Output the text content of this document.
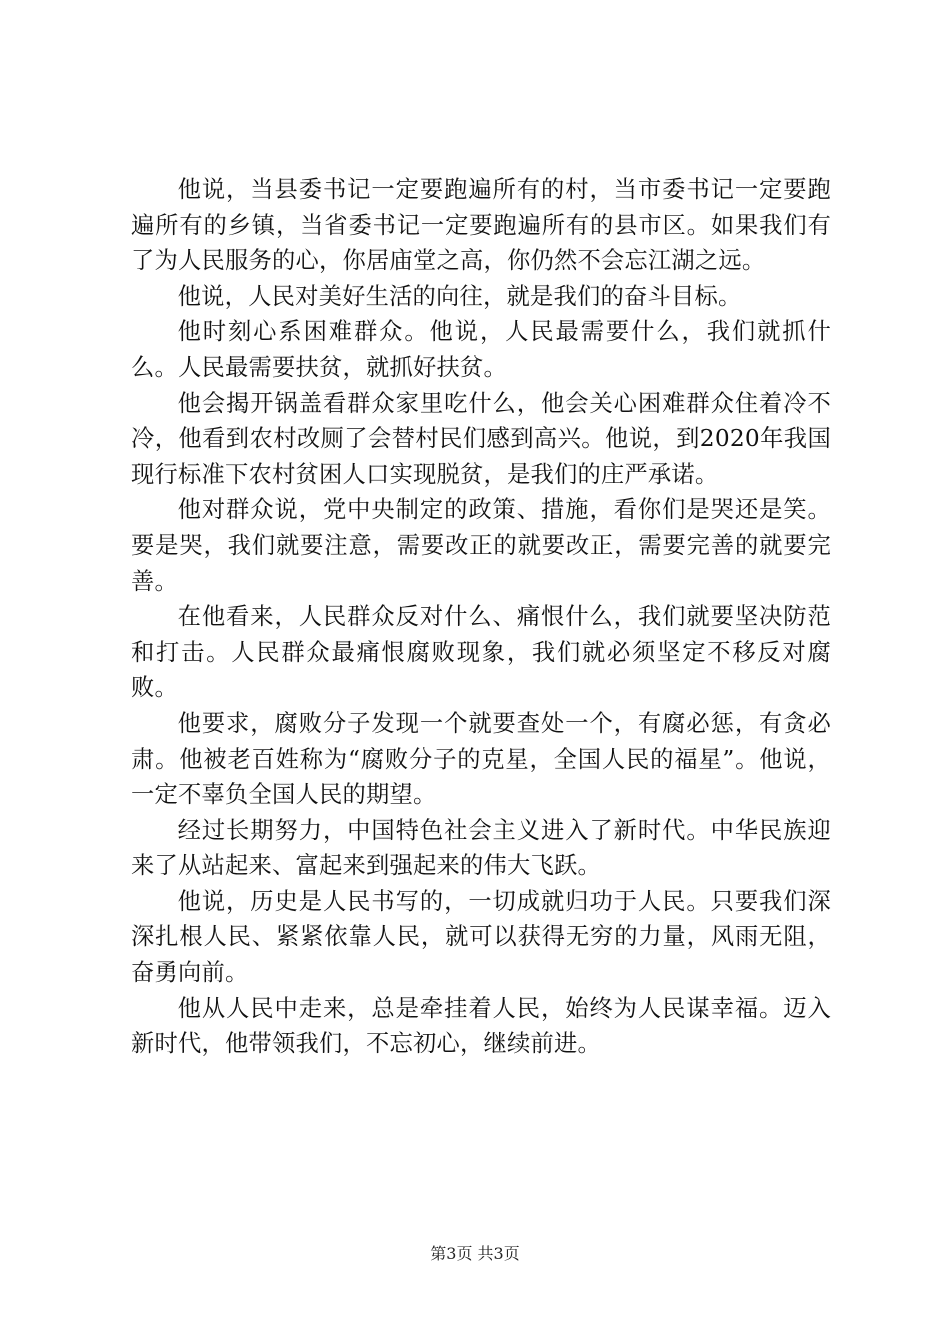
他说，当县委书记一定要跑遍所有的村，当市委书记一定要跑遍所有的乡镇，当省委书记一定要跑遍所有的县市区。如果我们有了为人民服务的心，你居庙堂之高，你仍然不会忘江湖之远。

他说，人民对美好生活的向往，就是我们的奋斗目标。

他时刻心系困难群众。他说，人民最需要什么，我们就抓什么。人民最需要扶贫，就抓好扶贫。

他会揭开锅盖看群众家里吃什么，他会关心困难群众住着冷不冷，他看到农村改厕了会替村民们感到高兴。他说，到2020年我国现行标准下农村贫困人口实现脱贫，是我们的庄严承诺。

他对群众说，党中央制定的政策、措施，看你们是哭还是笑。要是哭，我们就要注意，需要改正的就要改正，需要完善的就要完善。

在他看来，人民群众反对什么、痛恨什么，我们就要坚决防范和打击。人民群众最痛恨腐败现象，我们就必须坚定不移反对腐败。

他要求，腐败分子发现一个就要查处一个，有腐必惩，有贪必肃。他被老百姓称为“腐败分子的克星，全国人民的福星”。他说，一定不辜负全国人民的期望。

经过长期努力，中国特色社会主义进入了新时代。中华民族迎来了从站起来、富起来到强起来的伟大飞跃。

他说，历史是人民书写的，一切成就归功于人民。只要我们深深扎根人民、紧紧依靠人民，就可以获得无穷的力量，风雨无阻，奋勇向前。

他从人民中走来，总是牵挂着人民，始终为人民谋幸福。迈入新时代，他带领我们，不忘初心，继续前进。

第3页 共3页
